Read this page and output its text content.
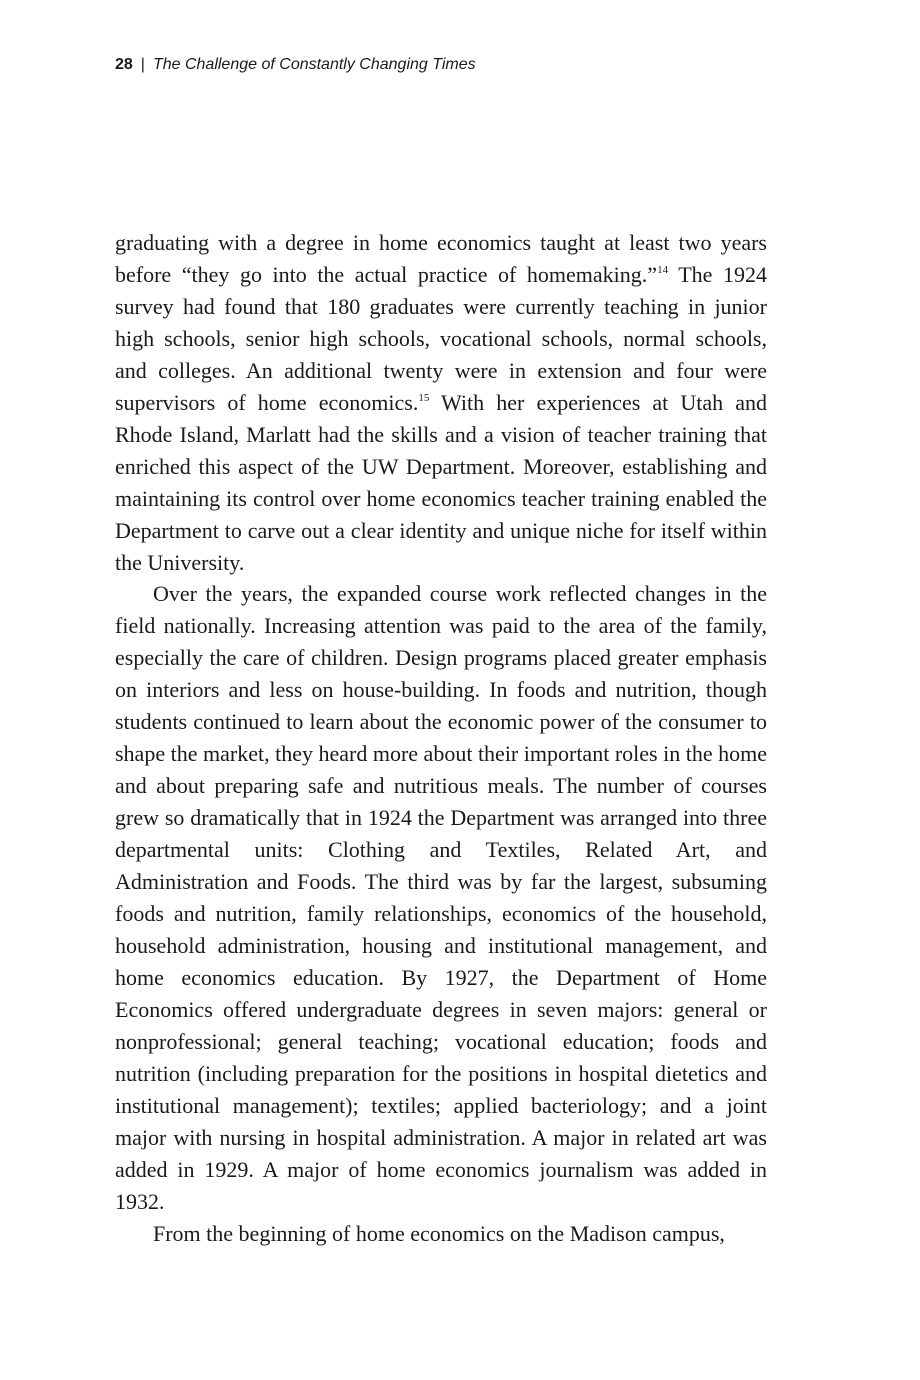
28 | The Challenge of Constantly Changing Times

graduating with a degree in home economics taught at least two years before “they go into the actual practice of homemaking.”$^{14}$ The 1924 survey had found that 180 graduates were currently teaching in junior high schools, senior high schools, vocational schools, normal schools, and colleges. An additional twenty were in extension and four were supervisors of home economics.$^{15}$ With her experiences at Utah and Rhode Island, Marlatt had the skills and a vision of teacher training that enriched this aspect of the UW Department. Moreover, establishing and maintaining its control over home economics teacher training enabled the Department to carve out a clear identity and unique niche for itself within the University.

Over the years, the expanded course work reflected changes in the field nationally. Increasing attention was paid to the area of the family, especially the care of children. Design programs placed greater emphasis on interiors and less on house-building. In foods and nutrition, though students continued to learn about the economic power of the consumer to shape the market, they heard more about their important roles in the home and about preparing safe and nutritious meals. The number of courses grew so dramatically that in 1924 the Department was arranged into three departmental units: Clothing and Textiles, Related Art, and Administration and Foods. The third was by far the largest, subsuming foods and nutrition, family relationships, economics of the household, household administration, housing and institutional management, and home economics education. By 1927, the Department of Home Economics offered undergraduate degrees in seven majors: general or nonprofessional; general teaching; vocational education; foods and nutrition (including preparation for the positions in hospital dietetics and institutional management); textiles; applied bacteriology; and a joint major with nursing in hospital administration. A major in related art was added in 1929. A major of home economics journalism was added in 1932.

From the beginning of home economics on the Madison campus,
